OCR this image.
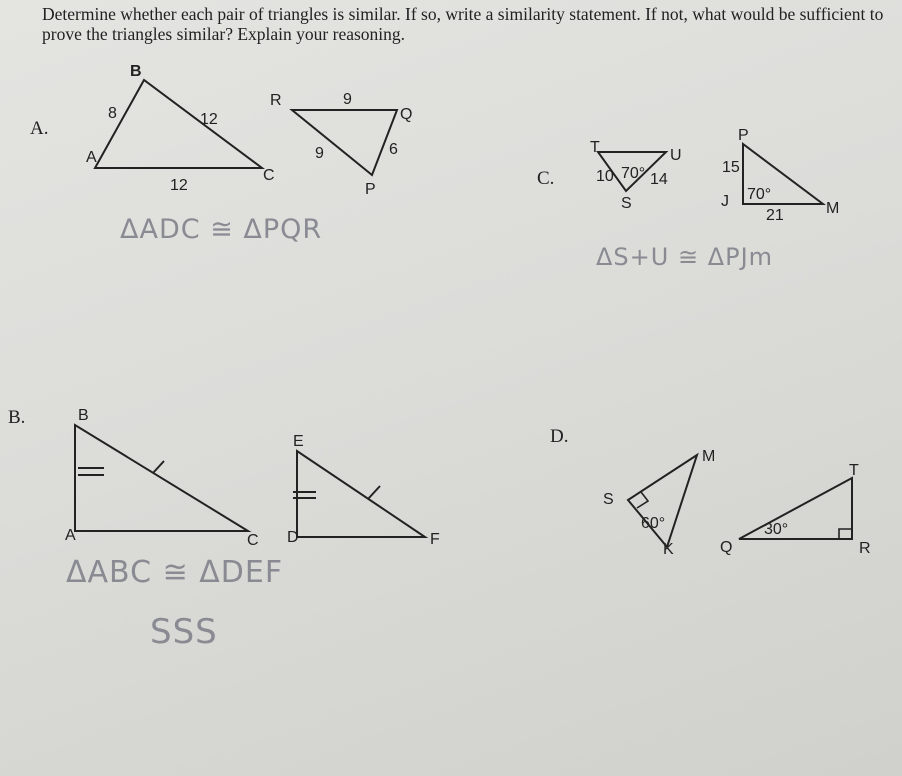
Determine whether each pair of triangles is similar. If so, write a similarity statement. If not, what would be sufficient to prove the triangles similar? Explain your reasoning.

A.
B.
C.
D.
B
A
C
8	12
12
R
Q
P
9
9	6	T	U
S
10 14
70°
P
J	M
15
21
70°
B
A	C
E
D	F
M
S
K
60°
T
Q	R
30°
ΔADC ≅ ΔPQR
ΔS+U ≅ ΔPJm
ΔABC ≅ ΔDEF
SSS
